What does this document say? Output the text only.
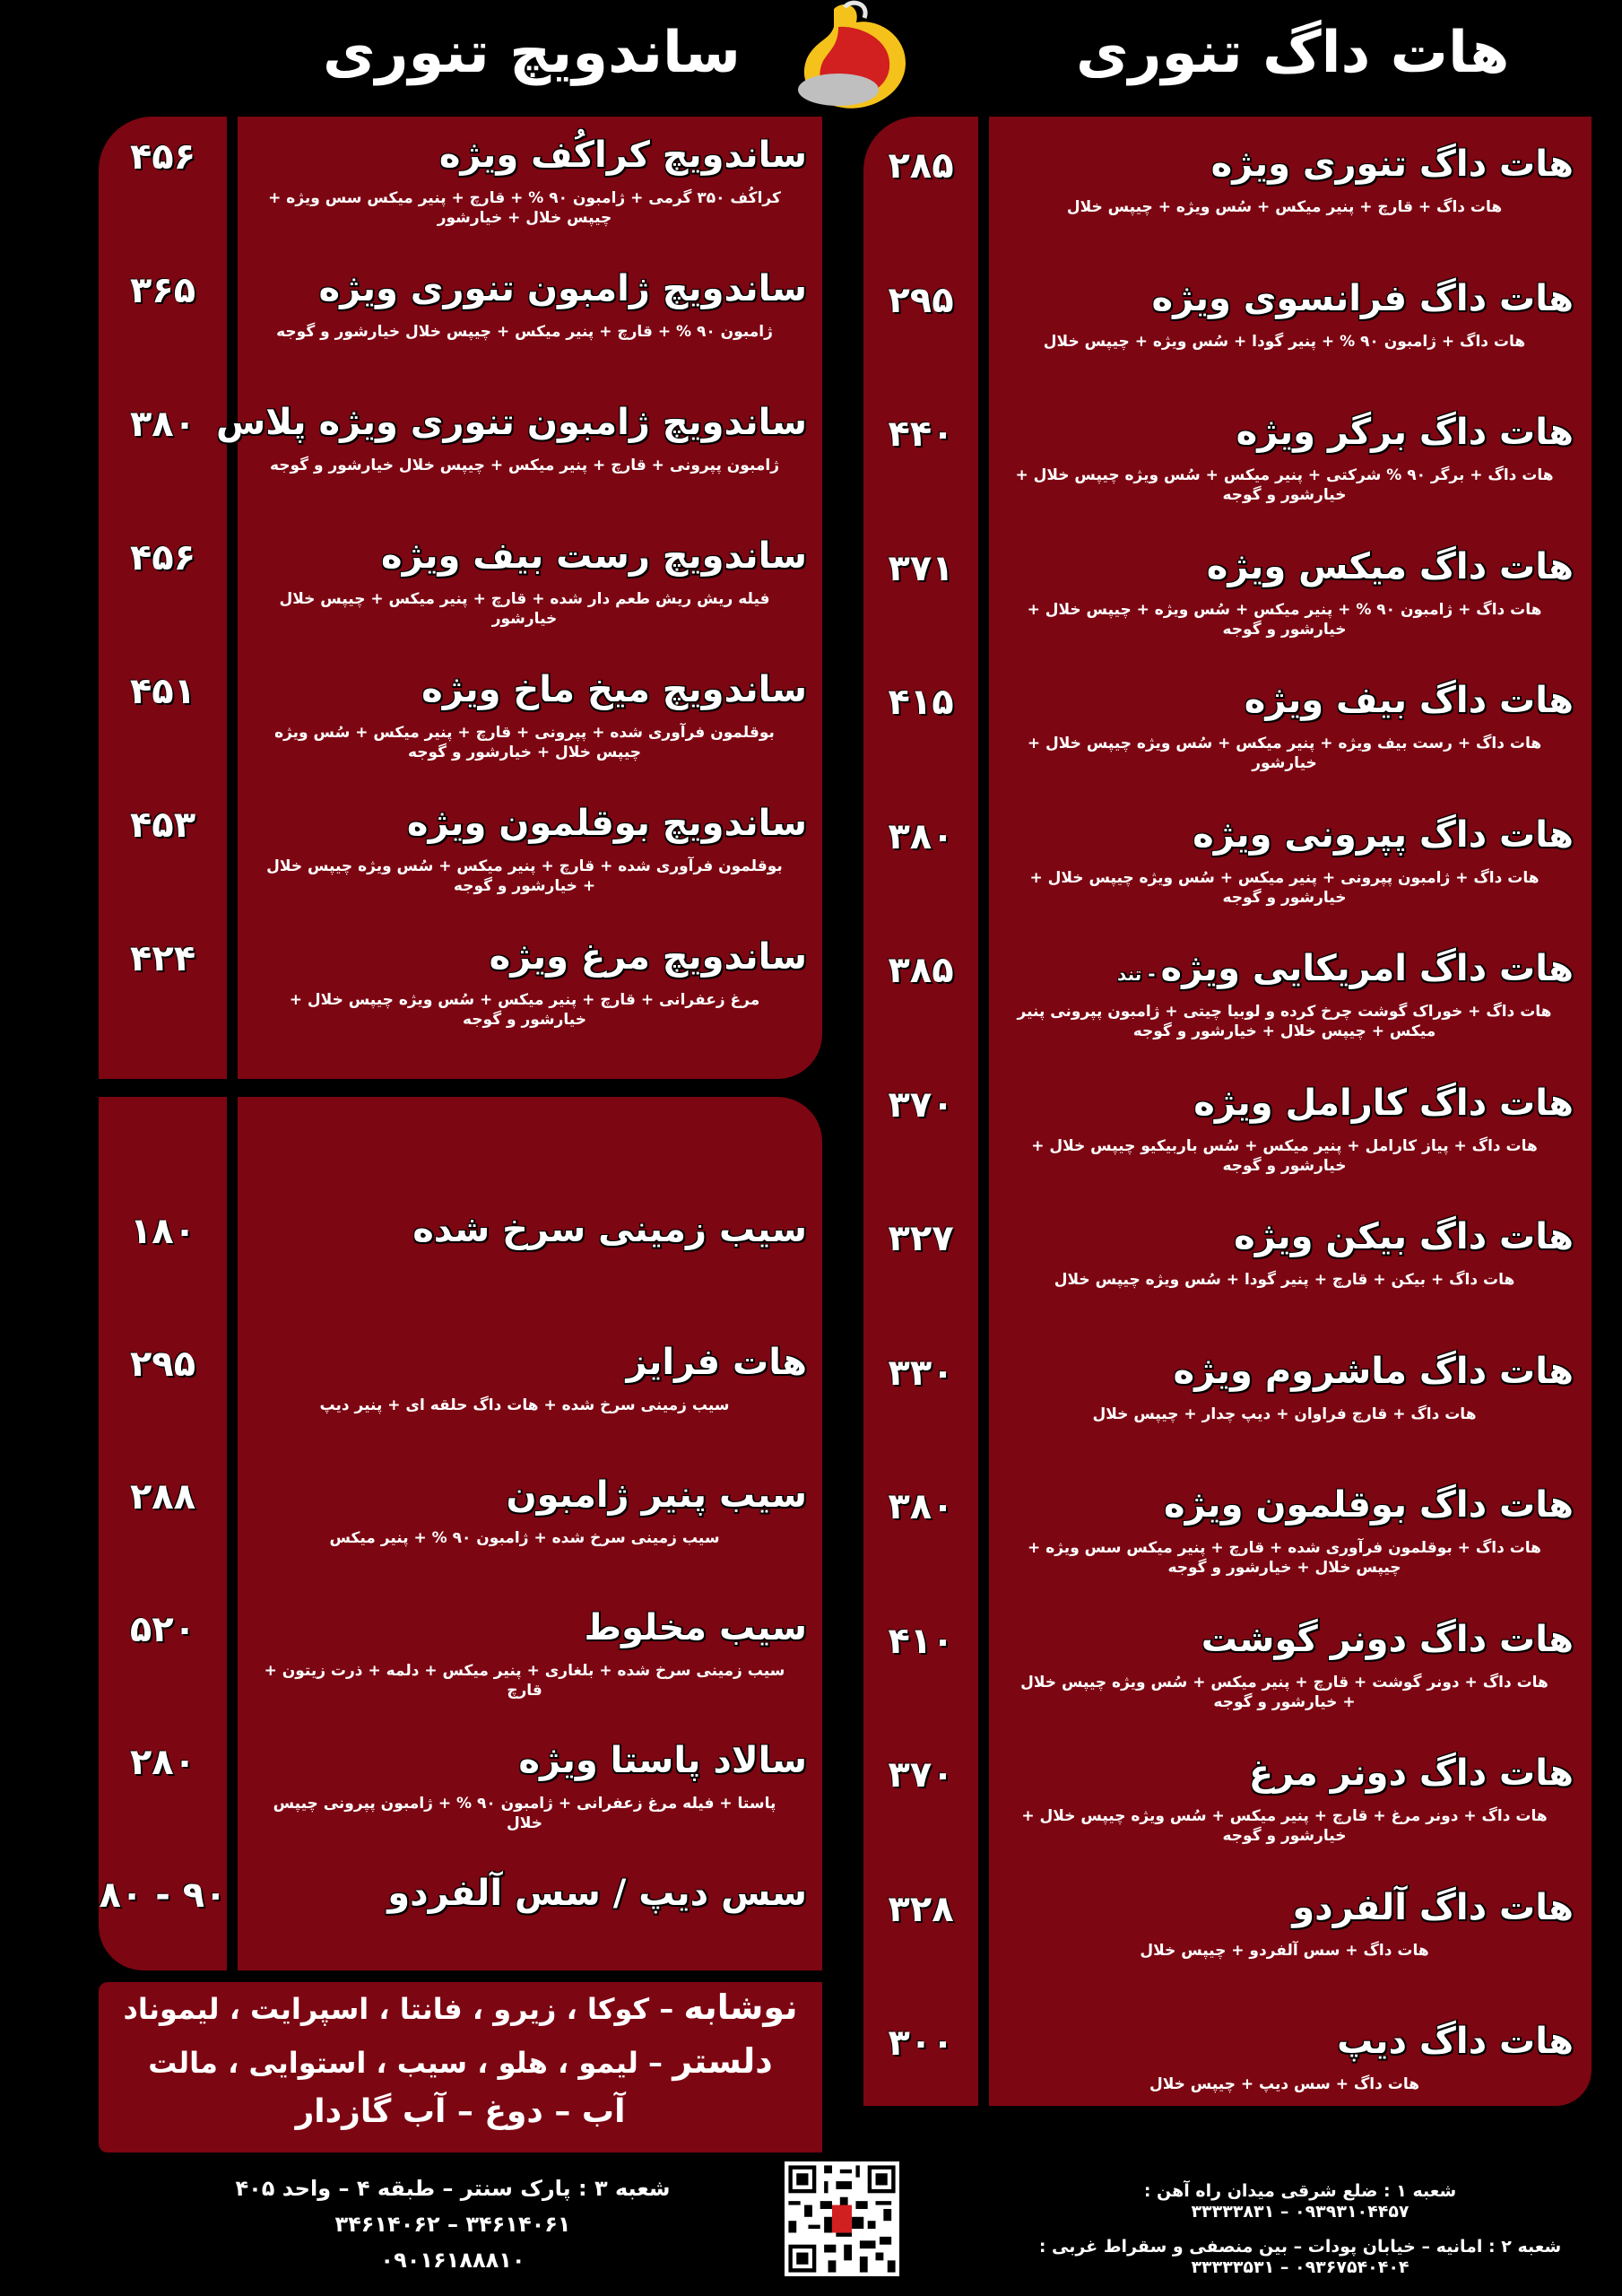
هات داگ تنوری
ساندویچ تنوری
نوشابه – کوکا ، زیرو ، فانتا ، اسپرایت ، لیموناد
دلستر – لیمو ، هلو ، سیب ، استوایی ، مالت
آب – دوغ – آب گازدار
هات داگ تنوری ویژه
هات داگ + قارچ + پنیر میکس + سُس ویژه + چیپس خلال
۲۸۵
هات داگ فرانسوی ویژه
هات داگ + ژامبون ۹۰ % + پنیر گودا + سُس ویژه + چیپس خلال
۲۹۵
هات داگ برگر ویژه
هات داگ + برگر ۹۰ % شرکتی + پنیر میکس + سُس ویژه چیپس خلال + خیارشور و گوجه
۴۴۰
هات داگ میکس ویژه
هات داگ + ژامبون ۹۰ % + پنیر میکس + سُس ویژه + چیپس خلال + خیارشور و گوجه
۳۷۱
هات داگ بیف ویژه
هات داگ + رست بیف ویژه + پنیر میکس + سُس ویژه چیپس خلال + خیارشور
۴۱۵
هات داگ پپرونی ویژه
هات داگ + ژامبون پپرونی + پنیر میکس + سُس ویژه چیپس خلال + خیارشور و گوجه
۳۸۰
هات داگ امریکایی ویژه- تند
هات داگ + خوراک گوشت چرخ کرده و لوبیا چیتی + ژامبون پپرونی پنیر میکس + چیپس خلال + خیارشور و گوجه
۳۸۵
هات داگ کارامل ویژه
هات داگ + پیاز کارامل + پنیر میکس + سُس باربیکیو چیپس خلال + خیارشور و گوجه
۳۷۰
هات داگ بیکن ویژه
هات داگ + بیکن + قارچ + پنیر گودا + سُس ویژه چیپس خلال
۳۲۷
هات داگ ماشروم ویژه
هات داگ + قارچ فراوان + دیپ چدار + چیپس خلال
۳۳۰
هات داگ بوقلمون ویژه
هات داگ + بوقلمون فرآوری شده + قارچ + پنیر میکس سس ویژه + چیپس خلال + خیارشور و گوجه
۳۸۰
هات داگ دونر گوشت
هات داگ + دونر گوشت + قارچ + پنیر میکس + سُس ویژه چیپس خلال + خیارشور و گوجه
۴۱۰
هات داگ دونر مرغ
هات داگ + دونر مرغ + قارچ + پنیر میکس + سُس ویژه چیپس خلال + خیارشور و گوجه
۳۷۰
هات داگ آلفردو
هات داگ + سس آلفردو + چیپس خلال
۳۲۸
هات داگ دیپ
هات داگ + سس دیپ + چیپس خلال
۳۰۰
ساندویچ کراکُف ویژه
کراکُف ۳۵۰ گرمی + ژامبون ۹۰ % + قارچ + پنیر میکس سس ویژه + چیپس خلال + خیارشور
۴۵۶
ساندویچ ژامبون تنوری ویژه
ژامبون ۹۰ % + قارچ + پنیر میکس + چیپس خلال خیارشور و گوجه
۳۶۵
ساندویچ ژامبون تنوری ویژه پلاس
ژامبون پپرونی + قارچ + پنیر میکس + چیپس خلال خیارشور و گوجه
۳۸۰
ساندویچ رست بیف ویژه
فیله ریش ریش طعم دار شده + قارچ + پنیر میکس + چیپس خلال خیارشور
۴۵۶
ساندویچ میخ ماخ ویژه
بوقلمون فرآوری شده + پپرونی + قارچ + پنیر میکس + سُس ویژه چیپس خلال + خیارشور و گوجه
۴۵۱
ساندویچ بوقلمون ویژه
بوقلمون فرآوری شده + قارچ + پنیر میکس + سُس ویژه چیپس خلال + خیارشور و گوجه
۴۵۳
ساندویچ مرغ ویژه
مرغ زعفرانی + قارچ + پنیر میکس + سُس ویژه چیپس خلال + خیارشور و گوجه
۴۲۴
سیب زمینی سرخ شده
۱۸۰
هات فرایز
سیب زمینی سرخ شده + هات داگ حلقه ای + پنیر دیپ
۲۹۵
سیب پنیر ژامبون
سیب زمینی سرخ شده + ژامبون ۹۰ % + پنیر میکس
۲۸۸
سیب مخلوط
سیب زمینی سرخ شده + بلغاری + پنیر میکس + دلمه + ذرت زیتون + قارچ
۵۲۰
سالاد پاستا ویژه
پاستا + فیله مرغ زعفرانی + ژامبون ۹۰ % + ژامبون پپرونی چیپس خلال
۲۸۰
سس دیپ / سس آلفردو
۹۰ - ۸۰
شعبه ۳ : پارک سنتر – طبقه ۴ – واحد ۴۰۵
۳۴۶۱۴۰۶۱ – ۳۴۶۱۴۰۶۲
۰۹۰۱۶۱۸۸۸۱۰
شعبه ۱ : ضلع شرقی میدان راه آهن :
۰۹۳۹۳۱۰۴۴۵۷ – ۳۳۳۳۳۸۳۱
شعبه ۲ : امانیه – خیابان پودات – بین منصفی و سقراط غربی :
۰۹۳۶۷۵۴۰۴۰۴ – ۳۳۳۳۳۵۳۱
